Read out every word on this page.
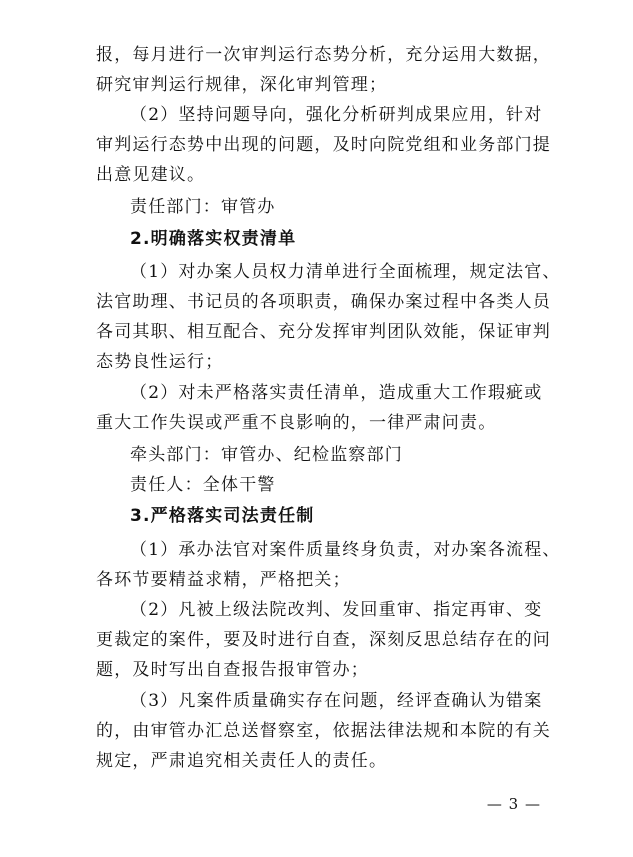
报，每月进行一次审判运行态势分析，充分运用大数据，
研究审判运行规律，深化审判管理；
（2）坚持问题导向，强化分析研判成果应用，针对
审判运行态势中出现的问题，及时向院党组和业务部门提
出意见建议。
责任部门：审管办
2.明确落实权责清单
（1）对办案人员权力清单进行全面梳理，规定法官、
法官助理、书记员的各项职责，确保办案过程中各类人员
各司其职、相互配合、充分发挥审判团队效能，保证审判
态势良性运行；
（2）对未严格落实责任清单，造成重大工作瑕疵或
重大工作失误或严重不良影响的，一律严肃问责。
牵头部门：审管办、纪检监察部门
责任人：全体干警
3.严格落实司法责任制
（1）承办法官对案件质量终身负责，对办案各流程、
各环节要精益求精，严格把关；
（2）凡被上级法院改判、发回重审、指定再审、变
更裁定的案件，要及时进行自查，深刻反思总结存在的问
题，及时写出自查报告报审管办；
（3）凡案件质量确实存在问题，经评查确认为错案
的，由审管办汇总送督察室，依据法律法规和本院的有关
规定，严肃追究相关责任人的责任。
— 3 —
